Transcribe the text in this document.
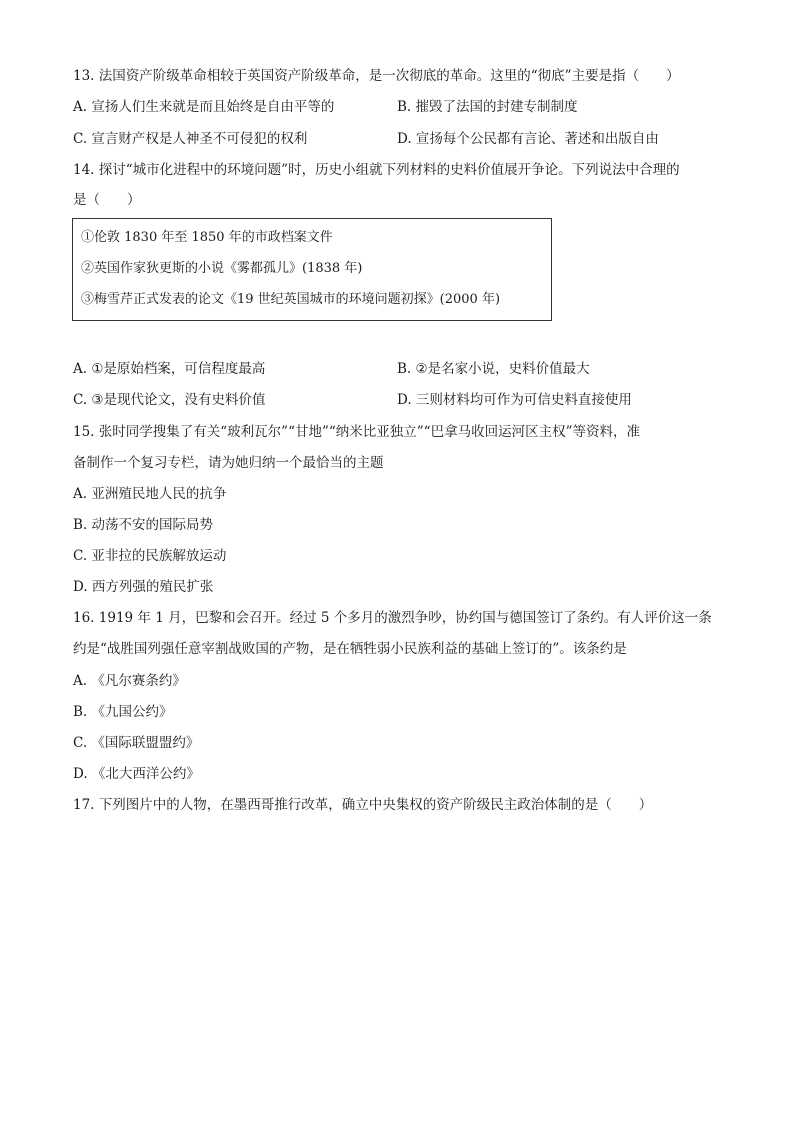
13. 法国资产阶级革命相较于英国资产阶级革命，是一次彻底的革命。这里的“彻底”主要是指（　　）
A. 宣扬人们生来就是而且始终是自由平等的	B. 摧毁了法国的封建专制制度
C. 宣言财产权是人神圣不可侵犯的权利	D. 宣扬每个公民都有言论、著述和出版自由
14. 探讨“城市化进程中的环境问题”时，历史小组就下列材料的史料价值展开争论。下列说法中合理的
是（　　）
①伦敦 1830 年至 1850 年的市政档案文件
②英国作家狄更斯的小说《雾都孤儿》(1838 年)
③梅雪芹正式发表的论文《19 世纪英国城市的环境问题初探》(2000 年)
A. ①是原始档案，可信程度最高	B. ②是名家小说，史料价值最大
C. ③是现代论文，没有史料价值	D. 三则材料均可作为可信史料直接使用
15. 张时同学搜集了有关“玻利瓦尔”“甘地”“纳米比亚独立”“巴拿马收回运河区主权”等资料，准
备制作一个复习专栏，请为她归纳一个最恰当的主题
A. 亚洲殖民地人民的抗争
B. 动荡不安的国际局势
C. 亚非拉的民族解放运动
D. 西方列强的殖民扩张
16. 1919 年 1 月，巴黎和会召开。经过 5 个多月的激烈争吵，协约国与德国签订了条约。有人评价这一条
约是“战胜国列强任意宰割战败国的产物，是在牺牲弱小民族利益的基础上签订的”。该条约是
A. 《凡尔赛条约》
B. 《九国公约》
C. 《国际联盟盟约》
D. 《北大西洋公约》
17. 下列图片中的人物，在墨西哥推行改革，确立中央集权的资产阶级民主政治体制的是（　　）
